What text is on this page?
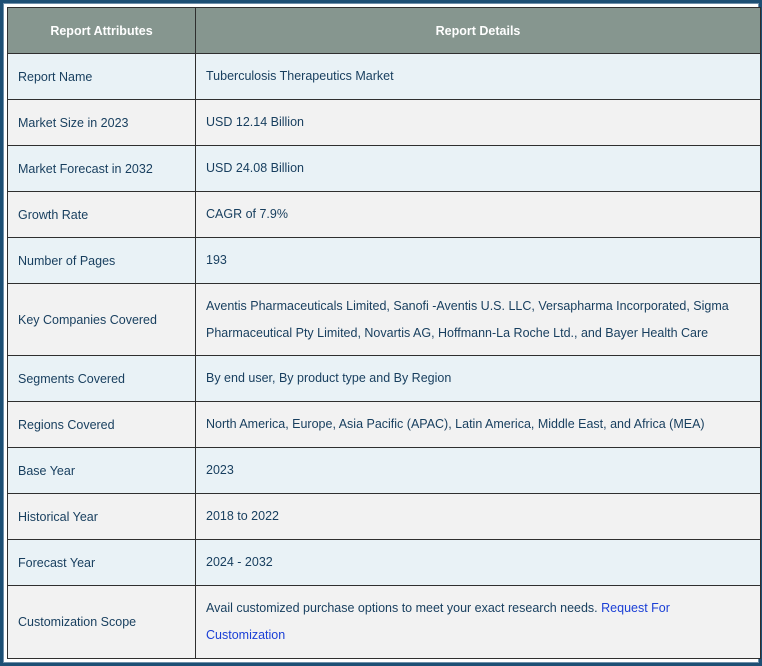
Report Attributes	Report Details
Report Name	Tuberculosis Therapeutics Market
Market Size in 2023	USD 12.14 Billion
Market Forecast in 2032	USD 24.08 Billion
Growth Rate	CAGR of 7.9%
Number of Pages	193
Key Companies Covered	Aventis Pharmaceuticals Limited, Sanofi -Aventis U.S. LLC, Versapharma Incorporated, Sigma Pharmaceutical Pty Limited, Novartis AG, Hoffmann-La Roche Ltd., and Bayer Health Care
Segments Covered	By end user, By product type and By Region
Regions Covered	North America, Europe, Asia Pacific (APAC), Latin America, Middle East, and Africa (MEA)
Base Year	2023
Historical Year	2018 to 2022
Forecast Year	2024 - 2032
Customization Scope	Avail customized purchase options to meet your exact research needs. Request For Customization
